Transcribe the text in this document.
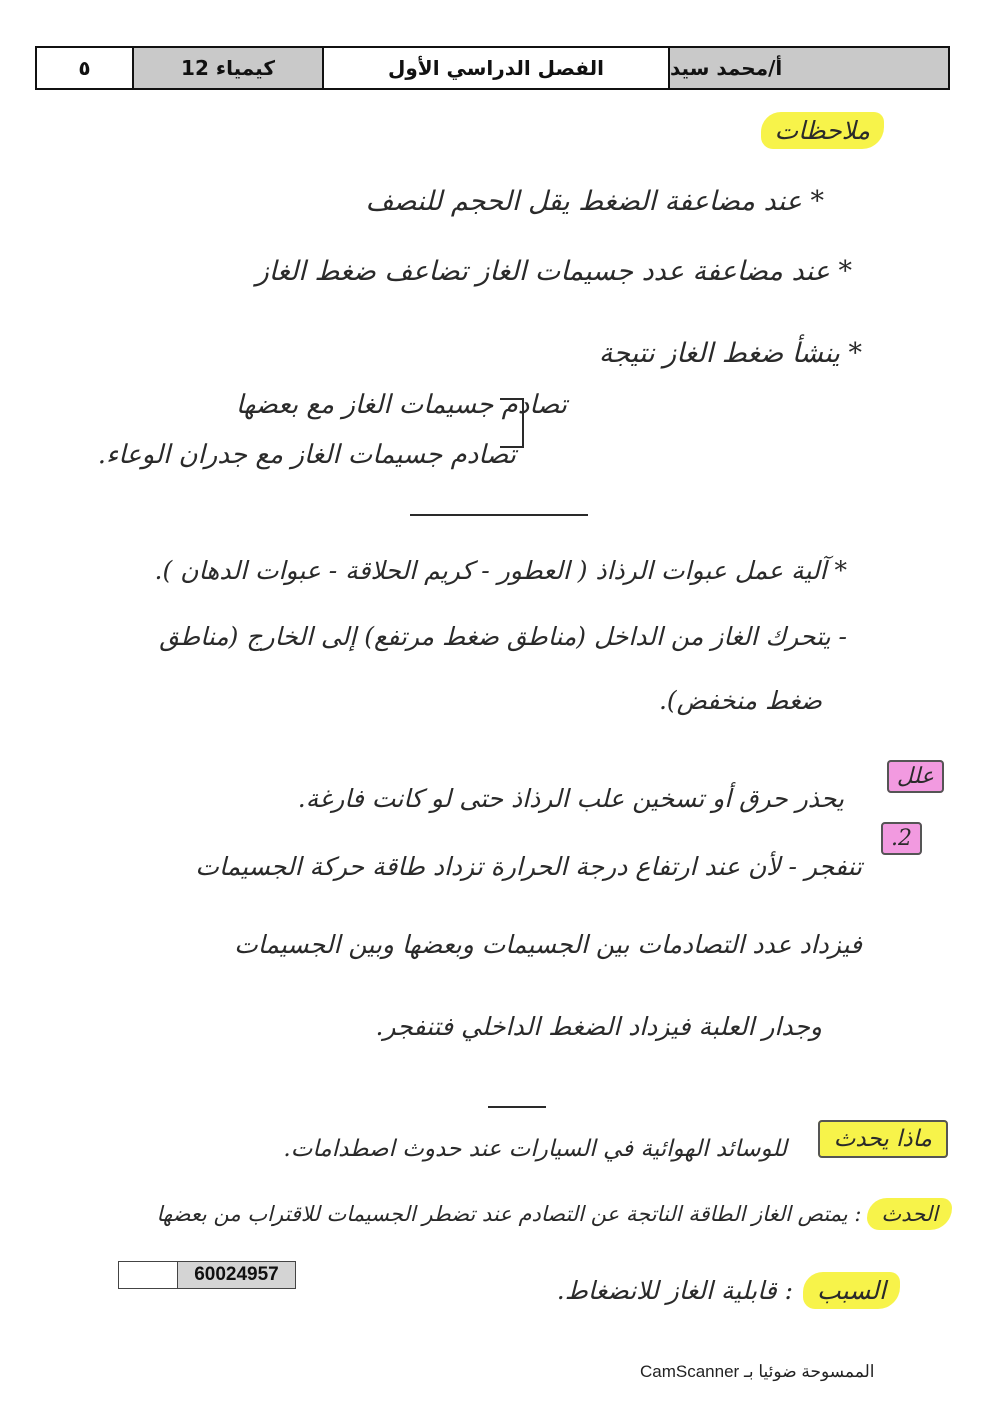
٥	كيمياء 12	الفصل الدراسي الأول	أ/محمد سيد
ملاحظات
* عند مضاعفة الضغط يقل الحجم للنصف
* عند مضاعفة عدد جسيمات الغاز تضاعف ضغط الغاز
* ينشأ ضغط الغاز نتيجة
تصادم جسيمات الغاز مع بعضها
تصادم جسيمات الغاز مع جدران الوعاء.
* آلية عمل عبوات الرذاذ ( العطور - كريم الحلاقة - عبوات الدهان ).
- يتحرك الغاز من الداخل (مناطق ضغط مرتفع) إلى الخارج (مناطق
ضغط منخفض).
علل
يحذر حرق أو تسخين علب الرذاذ حتى لو كانت فارغة.
2.
تنفجر - لأن عند ارتفاع درجة الحرارة تزداد طاقة حركة الجسيمات
فيزداد عدد التصادمات بين الجسيمات وبعضها وبين الجسيمات
وجدار العلبة فيزداد الضغط الداخلي فتنفجر.
ماذا يحدث
للوسائد الهوائية في السيارات عند حدوث اصطدامات.
الحدث
: يمتص الغاز الطاقة الناتجة عن التصادم عند تضطر الجسيمات للاقتراب من بعضها
السبب
: قابلية الغاز للانضغاط.
60024957
الممسوحة ضوئيا بـ CamScanner
